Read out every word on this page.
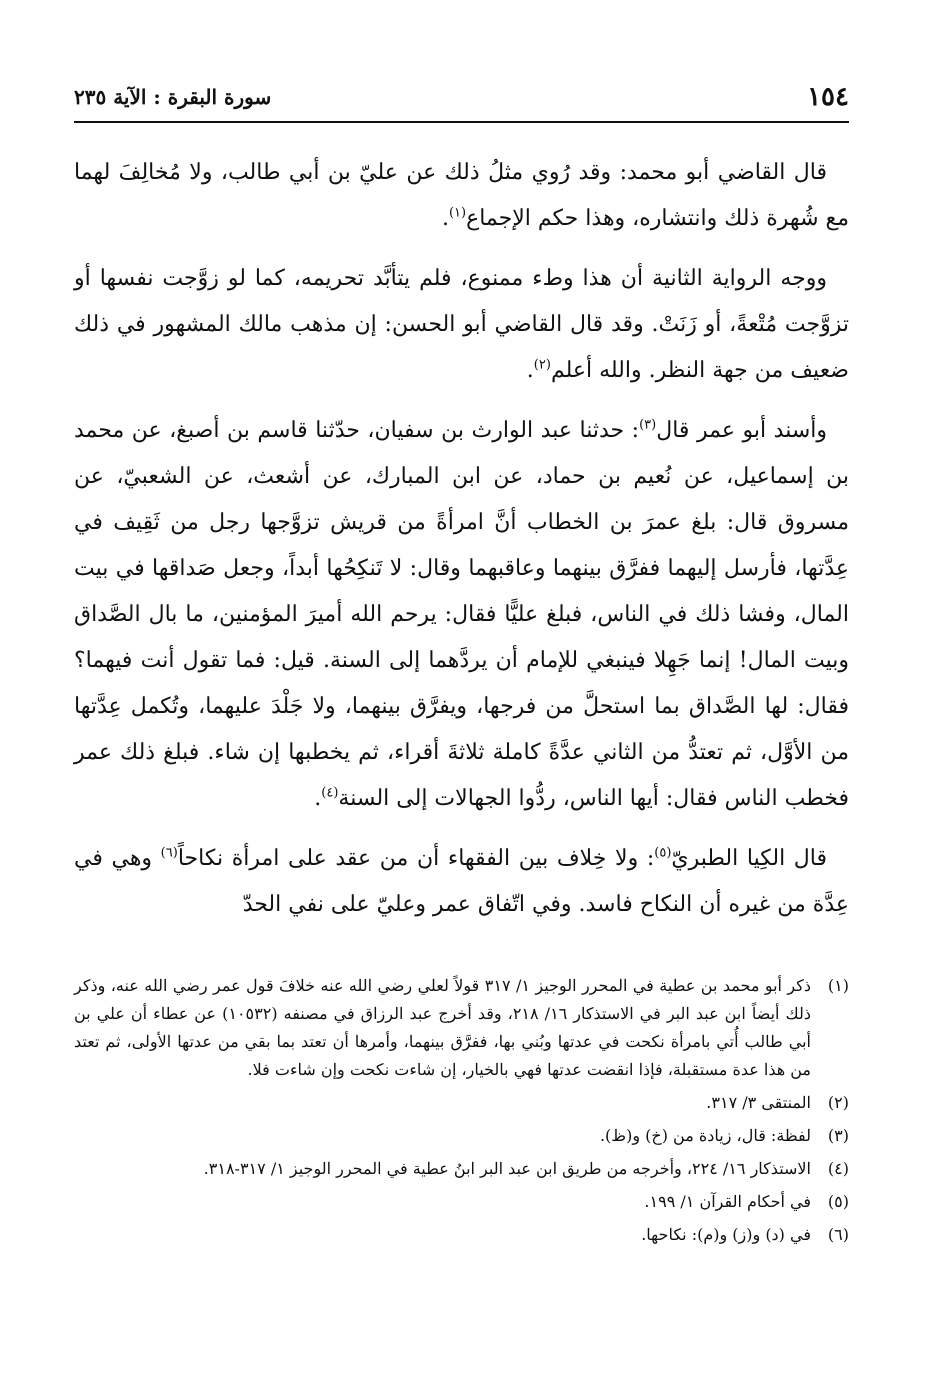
١٥٤
سورة البقرة : الآية ٢٣٥

قال القاضي أبو محمد: وقد رُوي مثلُ ذلك عن عليّ بن أبي طالب، ولا مُخالِفَ لهما مع شُهرة ذلك وانتشاره، وهذا حكم الإجماع$^{(١)}$.

ووجه الرواية الثانية أن هذا وطء ممنوع، فلم يتأبَّد تحريمه، كما لو زوَّجت نفسها أو تزوَّجت مُتْعةً، أو زَنَتْ. وقد قال القاضي أبو الحسن: إن مذهب مالك المشهور في ذلك ضعيف من جهة النظر. والله أعلم$^{(٢)}$.

وأسند أبو عمر قال$^{(٣)}$: حدثنا عبد الوارث بن سفيان، حدّثنا قاسم بن أصبغ، عن محمد بن إسماعيل، عن نُعيم بن حماد، عن ابن المبارك، عن أشعث، عن الشعبيّ، عن مسروق قال: بلغ عمرَ بن الخطاب أنَّ امرأةً من قريش تزوَّجها رجل من ثَقِيف في عِدَّتها، فأرسل إليهما ففرَّق بينهما وعاقبهما وقال: لا تَنكِحُها أبداً، وجعل صَداقها في بيت المال، وفشا ذلك في الناس، فبلغ عليًّا فقال: يرحم الله أميرَ المؤمنين، ما بال الصَّداق وبيت المال! إنما جَهِلا فينبغي للإمام أن يردَّهما إلى السنة. قيل: فما تقول أنت فيهما؟ فقال: لها الصَّداق بما استحلَّ من فرجها، ويفرَّق بينهما، ولا جَلْدَ عليهما، وتُكمل عِدَّتها من الأوَّل، ثم تعتدُّ من الثاني عدَّةً كاملة ثلاثةَ أقراء، ثم يخطبها إن شاء. فبلغ ذلك عمر فخطب الناس فقال: أيها الناس، ردُّوا الجهالات إلى السنة$^{(٤)}$.

قال الكِيا الطبريّ$^{(٥)}$: ولا خِلاف بين الفقهاء أن من عقد على امرأة نكاحاً$^{(٦)}$ وهي في عِدَّة من غيره أن النكاح فاسد. وفي اتّفاق عمر وعليّ على نفي الحدّ

(١)
ذكر أبو محمد بن عطية في المحرر الوجيز ١/ ٣١٧ قولاً لعلي رضي الله عنه خلافَ قول عمر رضي الله عنه، وذكر ذلك أيضاً ابن عبد البر في الاستذكار ١٦/ ٢١٨، وقد أخرج عبد الرزاق في مصنفه (١٠٥٣٢) عن عطاء أن علي بن أبي طالب أُتي بامرأة نكحت في عدتها وبُني بها، ففرَّق بينهما، وأمرها أن تعتد بما بقي من عدتها الأولى، ثم تعتد من هذا عدة مستقبلة، فإذا انقضت عدتها فهي بالخيار، إن شاءت نكحت وإن شاءت فلا.
(٢)
المنتقى ٣/ ٣١٧.
(٣)
لفظة: قال، زيادة من (خ) و(ظ).
(٤)
الاستذكار ١٦/ ٢٢٤، وأخرجه من طريق ابن عبد البر ابنُ عطية في المحرر الوجيز ١/ ٣١٧-٣١٨.
(٥)
في أحكام القرآن ١/ ١٩٩.
(٦)
في (د) و(ز) و(م): نكاحها.
